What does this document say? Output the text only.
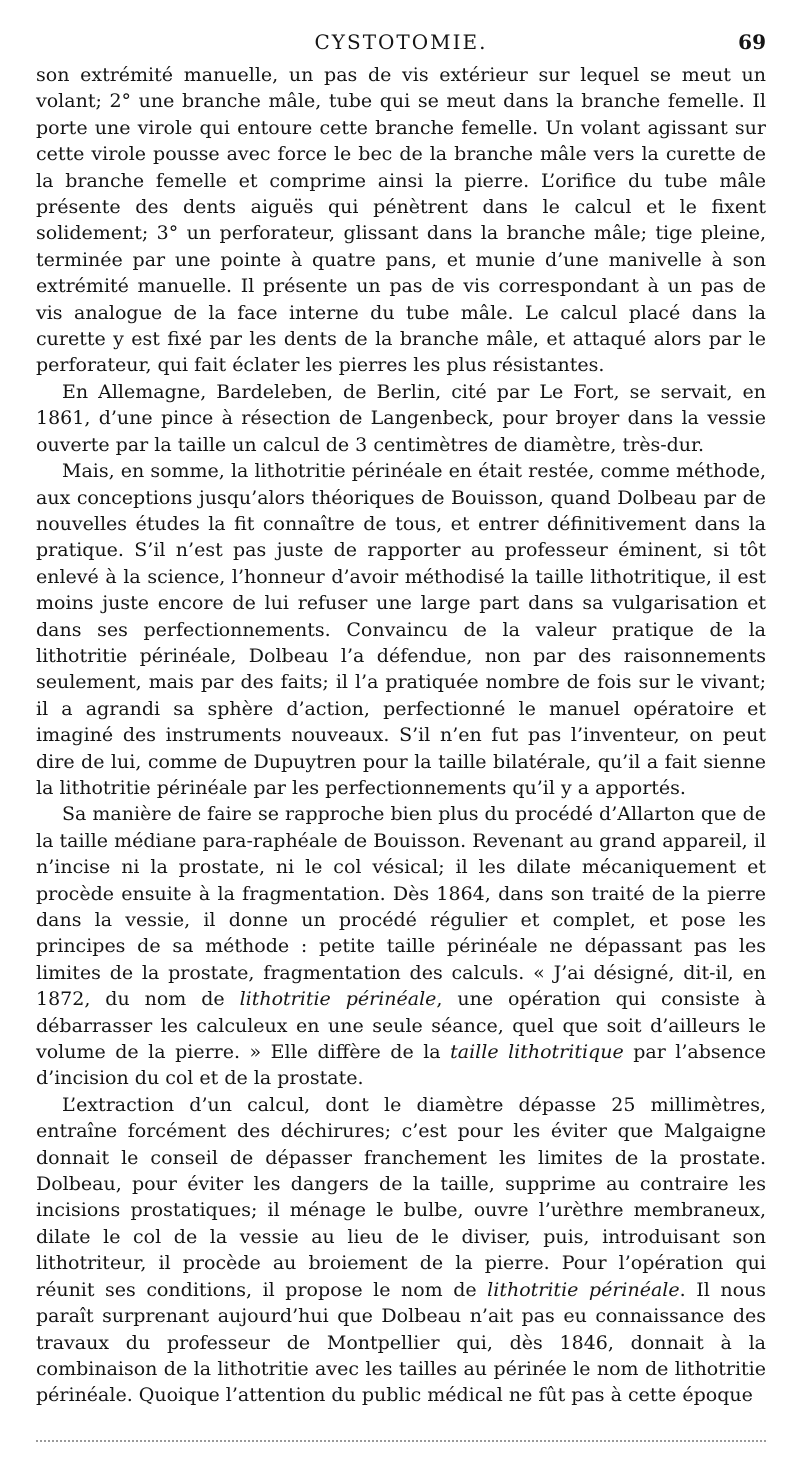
CYSTOTOMIE.	69

son extrémité manuelle, un pas de vis extérieur sur lequel se meut un volant; 2° une branche mâle, tube qui se meut dans la branche femelle. Il porte une virole qui entoure cette branche femelle. Un volant agissant sur cette virole pousse avec force le bec de la branche mâle vers la curette de la branche femelle et comprime ainsi la pierre. L’orifice du tube mâle présente des dents aiguës qui pénètrent dans le calcul et le fixent solidement; 3° un perforateur, glissant dans la branche mâle; tige pleine, terminée par une pointe à quatre pans, et munie d’une manivelle à son extrémité manuelle. Il présente un pas de vis correspondant à un pas de vis analogue de la face interne du tube mâle. Le calcul placé dans la curette y est fixé par les dents de la branche mâle, et attaqué alors par le perforateur, qui fait éclater les pierres les plus résistantes.

En Allemagne, Bardeleben, de Berlin, cité par Le Fort, se servait, en 1861, d’une pince à résection de Langenbeck, pour broyer dans la vessie ouverte par la taille un calcul de 3 centimètres de diamètre, très-dur.

Mais, en somme, la lithotritie périnéale en était restée, comme méthode, aux conceptions jusqu’alors théoriques de Bouisson, quand Dolbeau par de nouvelles études la fit connaître de tous, et entrer définitivement dans la pratique. S’il n’est pas juste de rapporter au professeur éminent, si tôt enlevé à la science, l’honneur d’avoir méthodisé la taille lithotritique, il est moins juste encore de lui refuser une large part dans sa vulgarisation et dans ses perfectionnements. Convaincu de la valeur pratique de la lithotritie périnéale, Dolbeau l’a défendue, non par des raisonnements seulement, mais par des faits; il l’a pratiquée nombre de fois sur le vivant; il a agrandi sa sphère d’action, perfectionné le manuel opératoire et imaginé des instruments nouveaux. S’il n’en fut pas l’inventeur, on peut dire de lui, comme de Dupuytren pour la taille bilatérale, qu’il a fait sienne la lithotritie périnéale par les perfectionnements qu’il y a apportés.

Sa manière de faire se rapproche bien plus du procédé d’Allarton que de la taille médiane para-raphéale de Bouisson. Revenant au grand appareil, il n’incise ni la prostate, ni le col vésical; il les dilate mécaniquement et procède ensuite à la fragmentation. Dès 1864, dans son traité de la pierre dans la vessie, il donne un procédé régulier et complet, et pose les principes de sa méthode : petite taille périnéale ne dépassant pas les limites de la prostate, fragmentation des calculs. « J’ai désigné, dit-il, en 1872, du nom de lithotritie périnéale, une opération qui consiste à débarrasser les calculeux en une seule séance, quel que soit d’ailleurs le volume de la pierre. » Elle diffère de la taille lithotritique par l’absence d’incision du col et de la prostate.

L’extraction d’un calcul, dont le diamètre dépasse 25 millimètres, entraîne forcément des déchirures; c’est pour les éviter que Malgaigne donnait le conseil de dépasser franchement les limites de la prostate. Dolbeau, pour éviter les dangers de la taille, supprime au contraire les incisions prostatiques; il ménage le bulbe, ouvre l’urèthre membraneux, dilate le col de la vessie au lieu de le diviser, puis, introduisant son lithotriteur, il procède au broiement de la pierre. Pour l’opération qui réunit ses conditions, il propose le nom de lithotritie périnéale. Il nous paraît surprenant aujourd’hui que Dolbeau n’ait pas eu connaissance des travaux du professeur de Montpellier qui, dès 1846, donnait à la combinaison de la lithotritie avec les tailles au périnée le nom de lithotritie périnéale. Quoique l’attention du public médical ne fût pas à cette époque
